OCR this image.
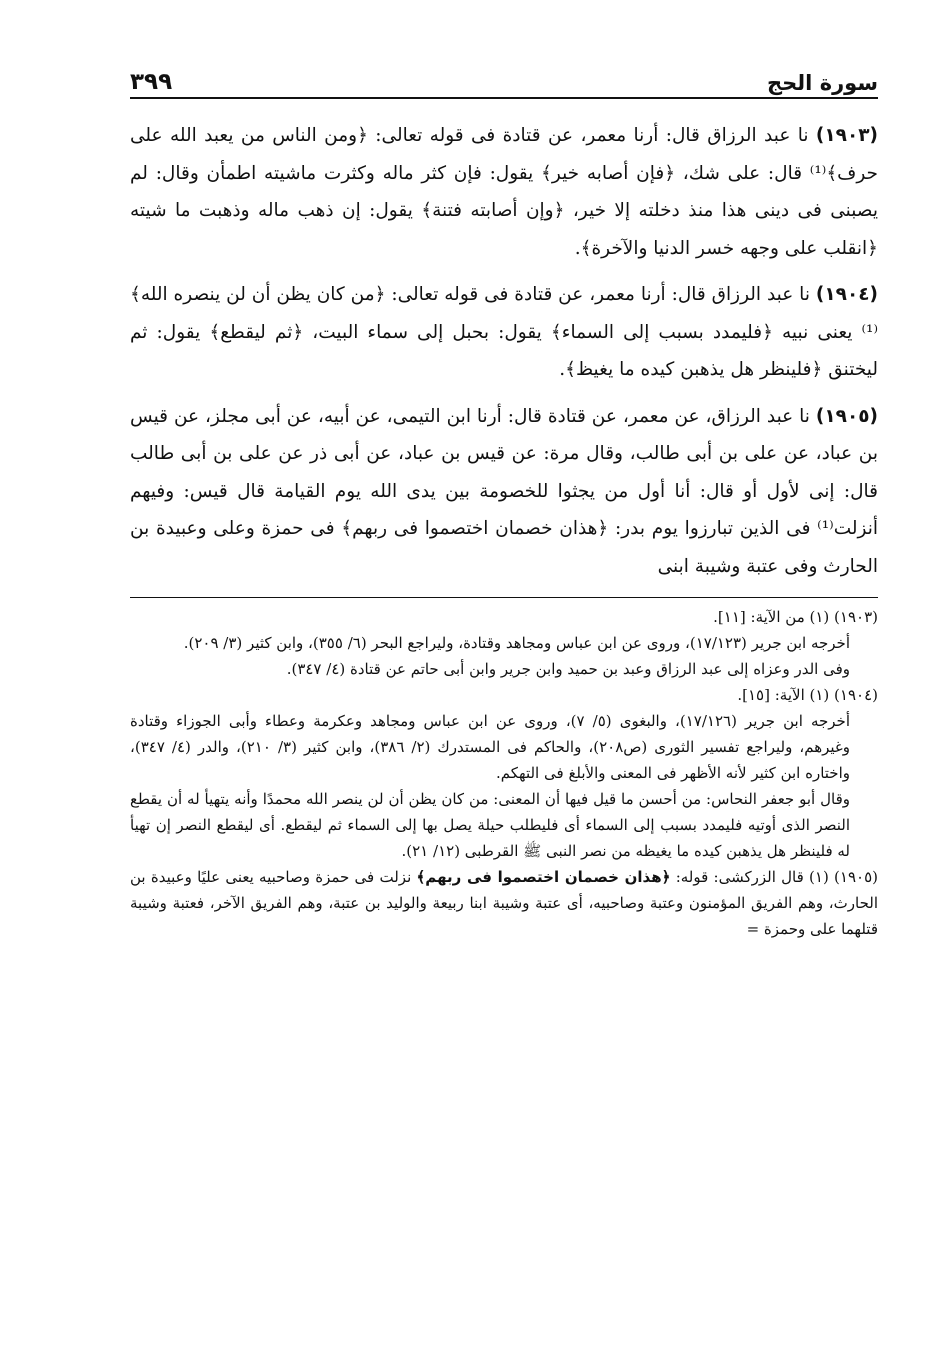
سورة الحج
٣٩٩

(١٩٠٣) نا عبد الرزاق قال: أرنا معمر، عن قتادة فى قوله تعالى: ﴿ومن الناس من يعبد الله على حرف﴾⁽¹⁾ قال: على شك، ﴿فإن أصابه خير﴾ يقول: فإن كثر ماله وكثرت ماشيته اطمأن وقال: لم يصبنى فى دينى هذا منذ دخلته إلا خير، ﴿وإن أصابته فتنة﴾ يقول: إن ذهب ماله وذهبت ما شيته ﴿انقلب على وجهه خسر الدنيا والآخرة﴾.

(١٩٠٤) نا عبد الرزاق قال: أرنا معمر، عن قتادة فى قوله تعالى: ﴿من كان يظن أن لن ينصره الله﴾⁽¹⁾ يعنى نبيه ﴿فليمدد بسبب إلى السماء﴾ يقول: بحبل إلى سماء البيت، ﴿ثم ليقطع﴾ يقول: ثم ليختنق ﴿فلينظر هل يذهبن كيده ما يغيظ﴾.

(١٩٠٥) نا عبد الرزاق، عن معمر، عن قتادة قال: أرنا ابن التيمى، عن أبيه، عن أبى مجلز، عن قيس بن عباد، عن على بن أبى طالب، وقال مرة: عن قيس بن عباد، عن أبى ذر عن على بن أبى طالب قال: إنى لأول أو قال: أنا أول من يجثوا للخصومة بين يدى الله يوم القيامة قال قيس: وفيهم أنزلت⁽¹⁾ فى الذين تبارزوا يوم بدر: ﴿هذان خصمان اختصموا فى ربهم﴾ فى حمزة وعلى وعبيدة بن الحارث وفى عتبة وشيبة ابنى

(١٩٠٣) (١) من الآية: [١١].

أخرجه ابن جرير (١٧/١٢٣)، وروى عن ابن عباس ومجاهد وقتادة، وليراجع البحر (٦/ ٣٥٥)، وابن كثير (٣/ ٢٠٩).

وفى الدر وعزاه إلى عبد الرزاق وعبد بن حميد وابن جرير وابن أبى حاتم عن قتادة (٤/ ٣٤٧).

(١٩٠٤) (١) الآية: [١٥].

أخرجه ابن جرير (١٧/١٢٦)، والبغوى (٥/ ٧)، وروى عن ابن عباس ومجاهد وعكرمة وعطاء وأبى الجوزاء وقتادة وغيرهم، وليراجع تفسير الثورى (ص٢٠٨)، والحاكم فى المستدرك (٢/ ٣٨٦)، وابن كثير (٣/ ٢١٠)، والدر (٤/ ٣٤٧)، واختاره ابن كثير لأنه الأظهر فى المعنى والأبلغ فى التهكم.

وقال أبو جعفر النحاس: من أحسن ما قيل فيها أن المعنى: من كان يظن أن لن ينصر الله محمدًا وأنه يتهيأ له أن يقطع النصر الذى أوتيه فليمدد بسبب إلى السماء أى فليطلب حيلة يصل بها إلى السماء ثم ليقطع. أى ليقطع النصر إن تهيأ له فلينظر هل يذهبن كيده ما يغيظه من نصر النبى ﷺ القرطبى (١٢/ ٢١).

(١٩٠٥) (١) قال الزركشى: قوله: ﴿هذان خصمان اختصموا فى ربهم﴾ نزلت فى حمزة وصاحبيه يعنى عليًا وعبيدة بن الحارث، وهم الفريق المؤمنون وعتبة وصاحبيه، أى عتبة وشيبة ابنا ربيعة والوليد بن عتبة، وهم الفريق الآخر، فعتبة وشيبة قتلهما على وحمزة =
